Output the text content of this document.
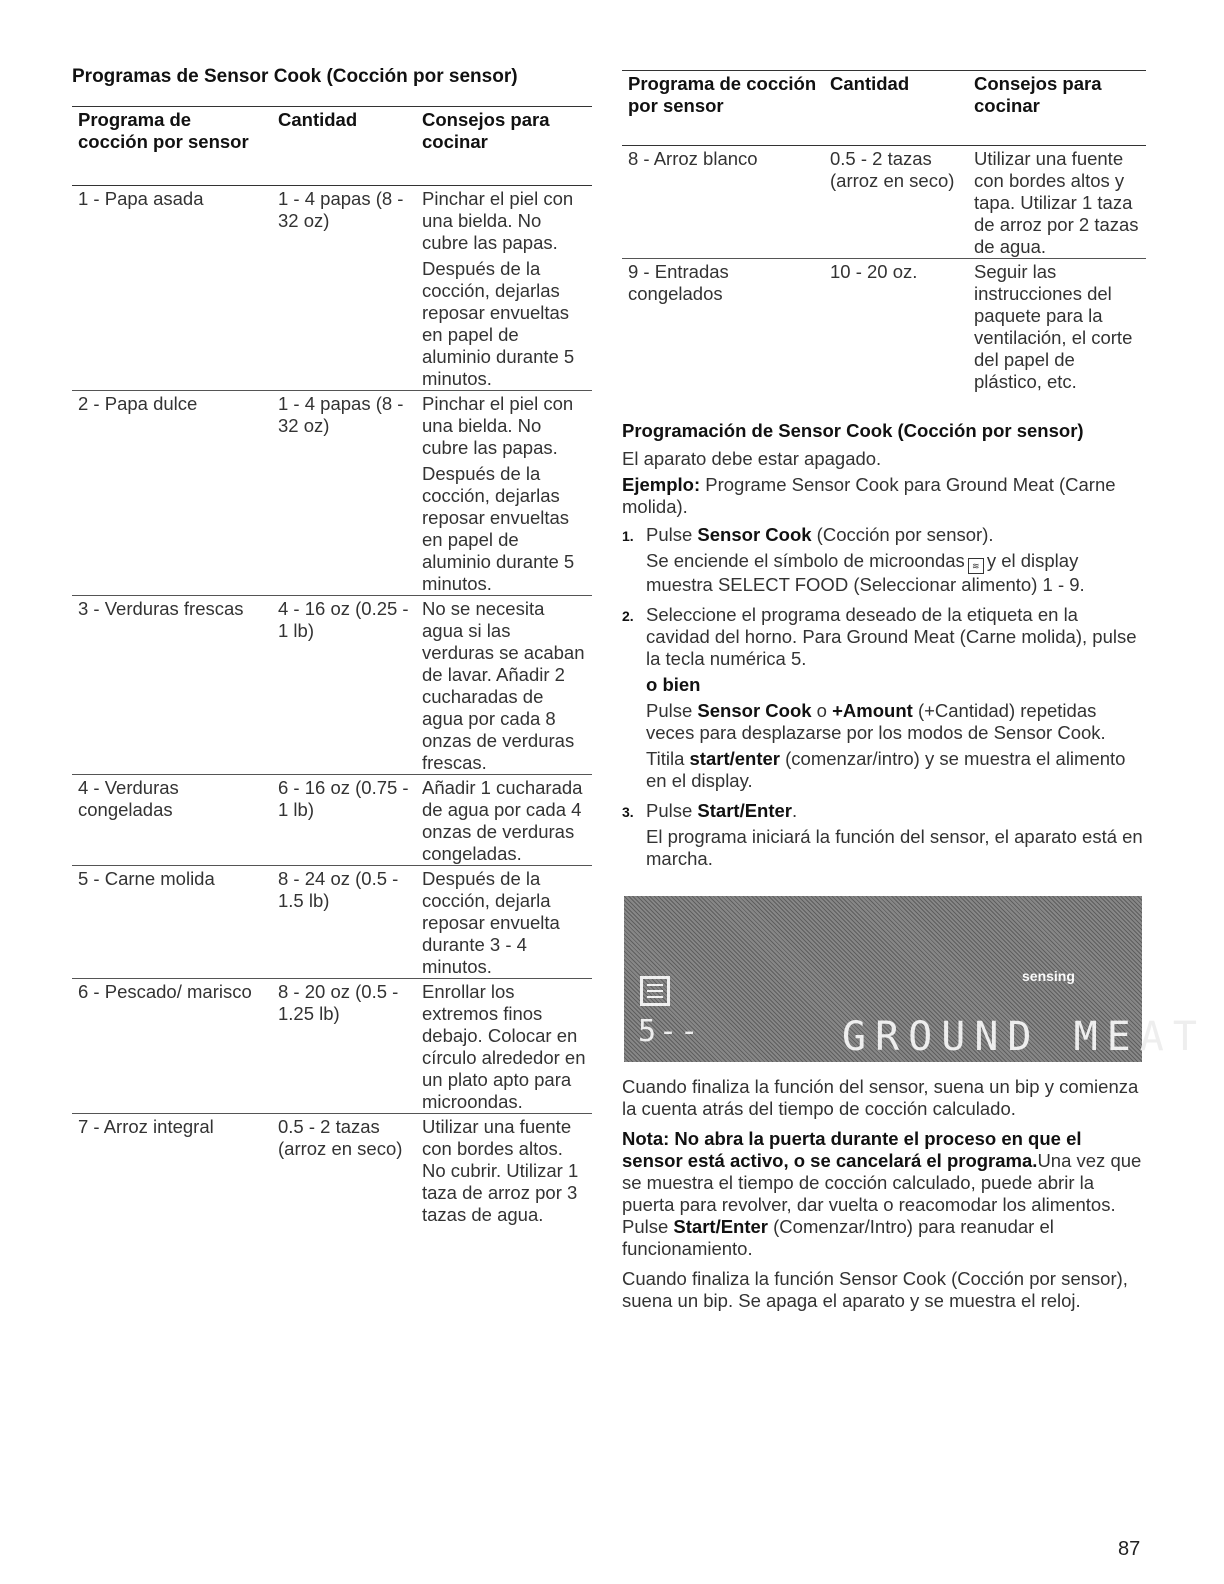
Programas de Sensor Cook (Cocción por sensor)
Programa de cocción por sensor	Cantidad	Consejos para cocinar
1 - Papa asada	1 - 4 papas (8 - 32 oz)	Pinchar el piel con una bielda. No cubre las papas.
Después de la cocción, dejarlas reposar envueltas en papel de aluminio durante 5 minutos.

2 - Papa dulce	1 - 4 papas (8 - 32 oz)	Pinchar el piel con una bielda. No cubre las papas.
Después de la cocción, dejarlas reposar envueltas en papel de aluminio durante 5 minutos.

3 - Verduras frescas	4 - 16 oz (0.25 - 1 lb)	No se necesita agua si las verduras se acaban de lavar. Añadir 2 cucharadas de agua por cada 8 onzas de verduras frescas.
4 - Verduras congeladas	6 - 16 oz (0.75 - 1 lb)	Añadir 1 cucharada de agua por cada 4 onzas de verduras congeladas.
5 - Carne molida	8 - 24 oz (0.5 - 1.5 lb)	Después de la cocción, dejarla reposar envuelta durante 3 - 4 minutos.
6 - Pescado/ marisco	8 - 20 oz (0.5 - 1.25 lb)	Enrollar los extremos finos debajo. Colocar en círculo alrededor en un plato apto para microondas.
7 - Arroz integral	0.5 - 2 tazas (arroz en seco)	Utilizar una fuente con bordes altos. No cubrir. Utilizar 1 taza de arroz por 3 tazas de agua.
Programa de cocción por sensor	Cantidad	Consejos para cocinar
8 - Arroz blanco	0.5 - 2 tazas (arroz en seco)	Utilizar una fuente con bordes altos y tapa. Utilizar 1 taza de arroz por 2 tazas de agua.
9 - Entradas congelados	10 - 20 oz.	Seguir las instrucciones del paquete para la ventilación, el corte del papel de plástico, etc.
Programación de Sensor Cook (Cocción por sensor)

El aparato debe estar apagado.

Ejemplo: Programe Sensor Cook para Ground Meat (Carne molida).

1. Pulse Sensor Cook (Cocción por sensor).

Se enciende el símbolo de microondas ≋ y el display muestra SELECT FOOD (Seleccionar alimento) 1 - 9.

2. Seleccione el programa deseado de la etiqueta en la cavidad del horno. Para Ground Meat (Carne molida), pulse la tecla numérica 5.

o bien

Pulse Sensor Cook o +Amount (+Cantidad) repetidas veces para desplazarse por los modos de Sensor Cook.

Titila start/enter (comenzar/intro) y se muestra el alimento en el display.

3. Pulse Start/Enter.

El programa iniciará la función del sensor, el aparato está en marcha.

sensing
5--	GROUND MEAT

Cuando finaliza la función del sensor, suena un bip y comienza la cuenta atrás del tiempo de cocción calculado.

Nota: No abra la puerta durante el proceso en que el sensor está activo, o se cancelará el programa.Una vez que se muestra el tiempo de cocción calculado, puede abrir la puerta para revolver, dar vuelta o reacomodar los alimentos. Pulse Start/Enter (Comenzar/Intro) para reanudar el funcionamiento.

Cuando finaliza la función Sensor Cook (Cocción por sensor), suena un bip. Se apaga el aparato y se muestra el reloj.

87
